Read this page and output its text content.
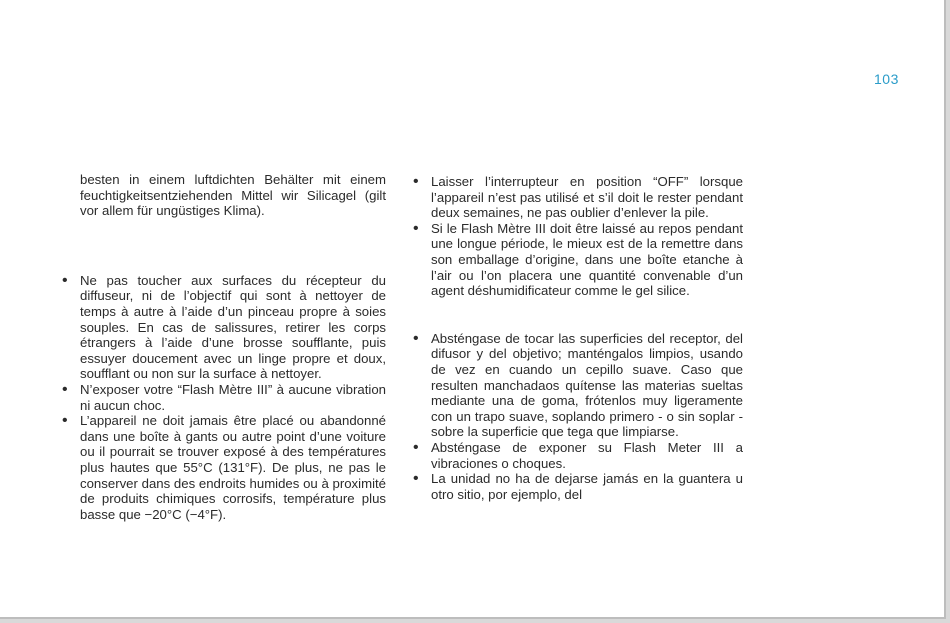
103

besten in einem luftdichten Behälter mit einem feuchtigkeitsentziehenden Mittel wir Silicagel (gilt vor allem für ungüstiges Klima).

• Ne pas toucher aux surfaces du récepteur du diffuseur, ni de l’objectif qui sont à nettoyer de temps à autre à l’aide d’un pinceau propre à soies souples. En cas de salissures, retirer les corps étrangers à l’aide d’une brosse soufflante, puis essuyer doucement avec un linge propre et doux, soufflant ou non sur la surface à nettoyer.

• N’exposer votre “Flash Mètre III” à aucune vibration ni aucun choc.

• L’appareil ne doit jamais être placé ou abandonné dans une boîte à gants ou autre point d’une voiture ou il pourrait se trouver exposé à des températures plus hautes que 55°C (131°F). De plus, ne pas le conserver dans des endroits humides ou à proximité de produits chimiques corrosifs, température plus basse que −20°C (−4°F).

• Laisser l’interrupteur en position “OFF” lorsque l’appareil n’est pas utilisé et s’il doit le rester pendant deux semaines, ne pas oublier d’enlever la pile.

• Si le Flash Mètre III doit être laissé au repos pendant une longue période, le mieux est de la remettre dans son emballage d’origine, dans une boîte etanche à l’air ou l’on placera une quantité convenable d’un agent déshumidificateur comme le gel silice.

• Absténgase de tocar las superficies del receptor, del difusor y del objetivo; manténgalos limpios, usando de vez en cuando un cepillo suave. Caso que resulten manchadaos quítense las materias sueltas mediante una de goma, frótenlos muy ligeramente con un trapo suave, soplando primero - o sin soplar - sobre la superficie que tega que limpiarse.

• Absténgase de exponer su Flash Meter III a vibraciones o choques.

• La unidad no ha de dejarse jamás en la guantera u otro sitio, por ejemplo, del
